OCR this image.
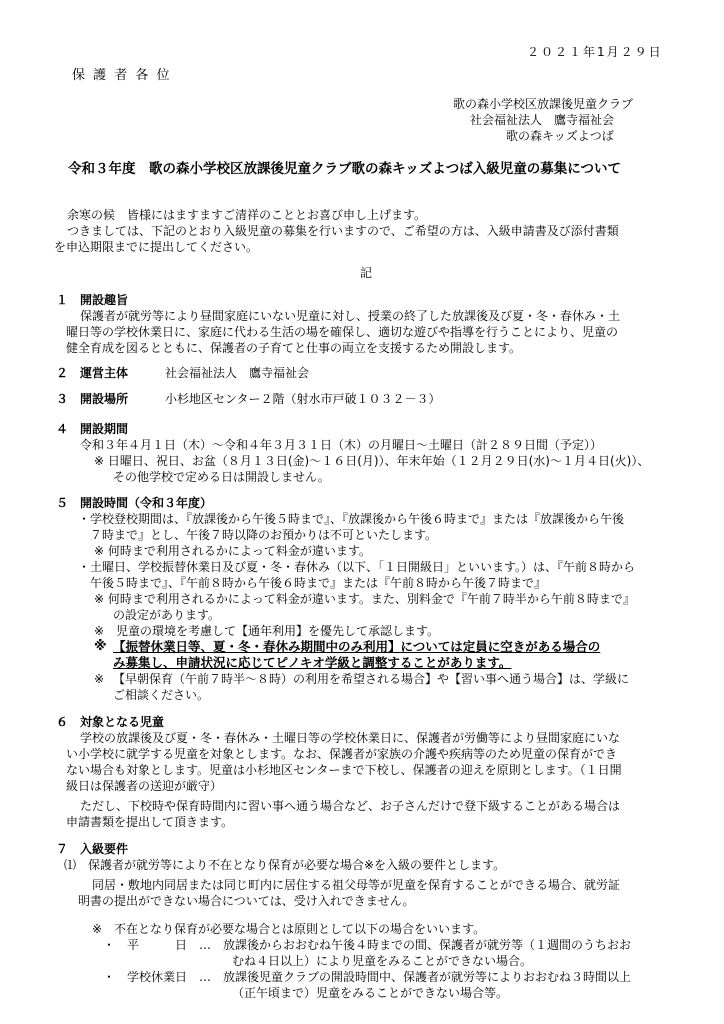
２０２１年1月２９日
保 護 者 各 位
歌の森小学校区放課後児童クラブ
社会福祉法人　鷹寺福祉会
歌の森キッズよつば
令和３年度　歌の森小学校区放課後児童クラブ歌の森キッズよつば入級児童の募集について
余寒の候　皆様にはますますご清祥のこととお喜び申し上げます。
つきましては、下記のとおり入級児童の募集を行いますので、ご希望の方は、入級申請書及び添付書類
を申込期限までに提出してください。
記
１ 開設趣旨
保護者が就労等により昼間家庭にいない児童に対し、授業の終了した放課後及び夏・冬・春休み・土
曜日等の学校休業日に、家庭に代わる生活の場を確保し、適切な遊びや指導を行うことにより、児童の
健全育成を図るとともに、保護者の子育てと仕事の両立を支援するため開設します。
２ 運営主体	社会福祉法人　鷹寺福祉会
３ 開設場所	小杉地区センター２階（射水市戸破１０３２－３）
４ 開設期間
令和３年４月１日（木）～令和４年３月３１日（木）の月曜日～土曜日（計２８９日間（予定））
※ 日曜日、祝日、お盆（８月１３日(金)～１６日(月)）、年末年始（１２月２９日(水)～１月４日(火)）、
その他学校で定める日は開設しません。
５ 開設時間（令和３年度）
・学校登校期間は、『放課後から午後５時まで』、『放課後から午後６時まで』または『放課後から午後
７時まで』とし、午後７時以降のお預かりは不可といたします。
※ 何時まで利用されるかによって料金が違います。
・土曜日、学校振替休業日及び夏・冬・春休み（以下、「１日開級日」といいます。）は、『午前８時から
午後５時まで』、『午前８時から午後６時まで』または『午前８時から午後７時まで』
※ 何時まで利用されるかによって料金が違います。また、別料金で『午前７時半から午前８時まで』
の設定があります。
※　児童の環境を考慮して【通年利用】を優先して承認します。
※ 【振替休業日等、夏・冬・春休み期間中のみ利用】については定員に空きがある場合の
み募集し、申請状況に応じてピノキオ学級と調整することがあります。
※ 【早朝保育（午前７時半～８時）の利用を希望される場合】や【習い事へ通う場合】は、学級に
ご相談ください。
６ 対象となる児童
学校の放課後及び夏・冬・春休み・土曜日等の学校休業日に、保護者が労働等により昼間家庭にいな
い小学校に就学する児童を対象とします。なお、保護者が家族の介護や疾病等のため児童の保育ができ
ない場合も対象とします。児童は小杉地区センターまで下校し、保護者の迎えを原則とします。（１日開
級日は保護者の送迎が厳守）
ただし、下校時や保育時間内に習い事へ通う場合など、お子さんだけで登下級することがある場合は
申請書類を提出して頂きます。
７ 入級要件
⑴　保護者が就労等により不在となり保育が必要な場合※を入級の要件とします。
同居・敷地内同居または同じ町内に居住する祖父母等が児童を保育することができる場合、就労証
明書の提出ができない場合については、受け入れできません。
※　不在となり保育が必要な場合とは原則として以下の場合をいいます。
・　平　　　日　…　放課後からおおむね午後４時までの間、保護者が就労等（１週間のうちおお
むね４日以上）により児童をみることができない場合。
・　学校休業日　…　放課後児童クラブの開設時間中、保護者が就労等によりおおむね３時間以上
（正午頃まで）児童をみることができない場合等。
